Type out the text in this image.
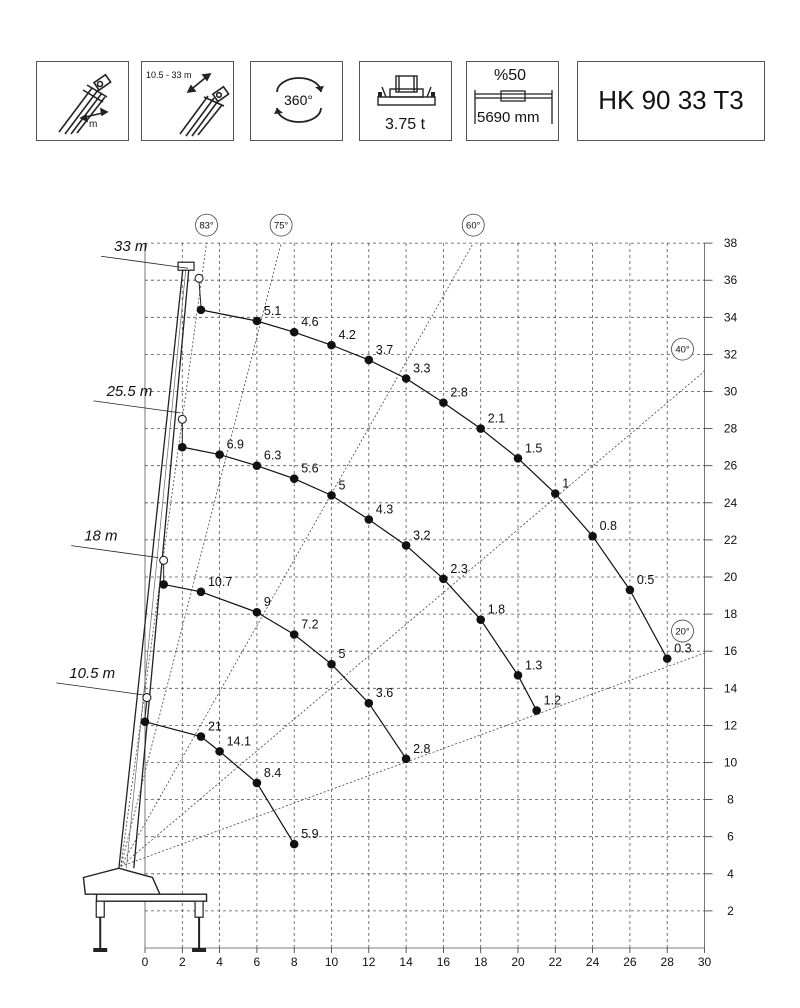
m
10.5 - 33 m
360°
3.75 t
%50
5690 mm
HK 90 33 T3
83°	75°	60°
40°
20°
5.1
4.6
4.2
3.7
3.3
2.8
2.1
1.5
1
0.8
0.5
0.3
6.9
6.3
5.6
5
4.3
3.2
2.3
1.8
1.3
1.2
10.7
9
7.2
5
3.6
2.8
21
14.1
8.4
5.9
0	2	4	6	8 10 12 14 16 18 20 22 24 26 28 30
2
4
6
8
10
12
14
16
18
20
22
24
26
28
30
32
34
36
38
33 m
25.5 m
18 m
10.5 m
